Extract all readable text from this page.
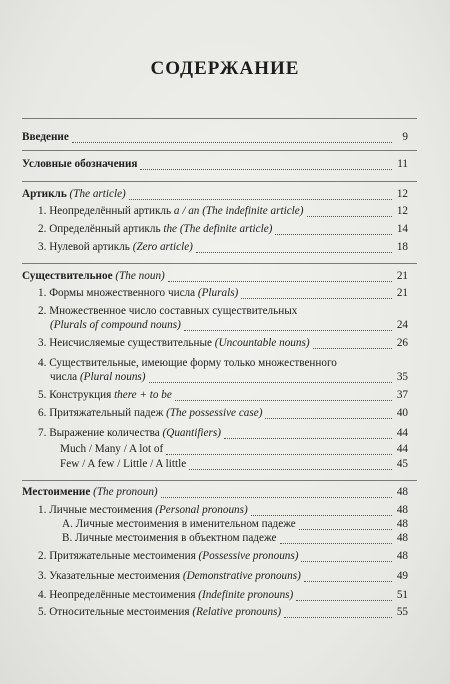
СОДЕРЖАНИЕ
Введение	9
Условные обозначения	11
Артикль (The article)	12
1. Неопределённый артикль a / an (The indefinite article)	12
2. Определённый артикль the (The definite article)	14
3. Нулевой артикль (Zero article)	18
Существительное (The noun)	21
1. Формы множественного числа (Plurals)	21
2. Множественное число составных существительных
(Plurals of compound nouns)	24
3. Неисчисляемые существительные (Uncountable nouns)	26
4. Существительные, имеющие форму только множественного
числа (Plural nouns)	35
5. Конструкция there + to be	37
6. Притяжательный падеж (The possessive case)	40
7. Выражение количества (Quantifiers)	44
Much / Many / A lot of	44
Few / A few / Little / A little	45
Местоимение (The pronoun)	48
1. Личные местоимения (Personal pronouns)	48
А. Личные местоимения в именительном падеже	48
В. Личные местоимения в объектном падеже	48
2. Притяжательные местоимения (Possessive pronouns)	48
3. Указательные местоимения (Demonstrative pronouns)	49
4. Неопределённые местоимения (Indefinite pronouns)	51
5. Относительные местоимения (Relative pronouns)	55
